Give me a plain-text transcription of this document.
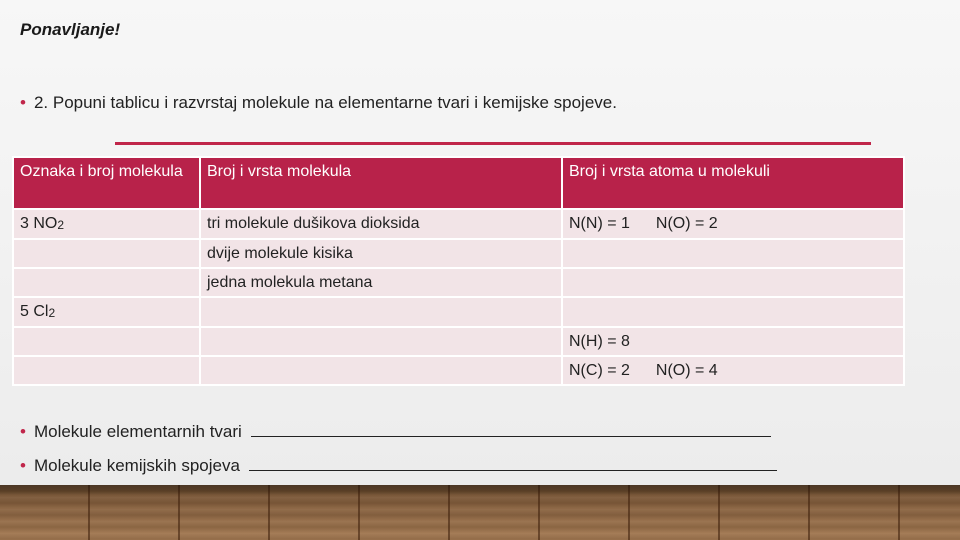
Ponavljanje!
• 2. Popuni tablicu i razvrstaj molekule na elementarne tvari i kemijske spojeve.
Oznaka i broj molekula	Broj i vrsta molekula	Broj i vrsta atoma u molekuli
3 $NO_2$	tri molekule dušikova dioksida	N(N) = 1 N(O) = 2
	dvije molekule kisika	
	jedna molekula metana	
5 $Cl_2$		
		N(H) = 8
		N(C) = 2 N(O) = 4
• Molekule elementarnih tvari
• Molekule kemijskih spojeva
